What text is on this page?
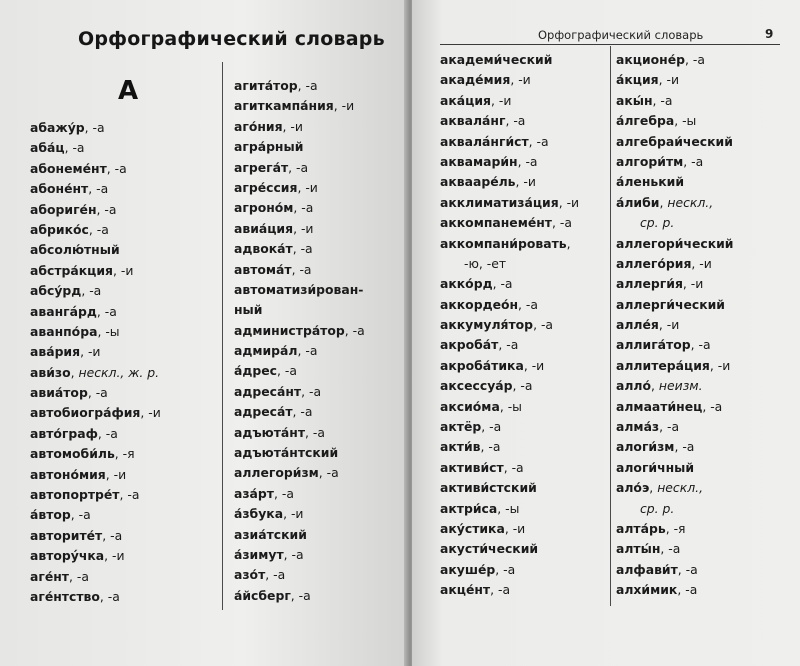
Орфографический словарь
А
абажу́р, -а
аба́ц, -а
абонеме́нт, -а
абоне́нт, -а
абориге́н, -а
абрико́с, -а
абсолю́тный
абстра́кция, -и
абсу́рд, -а
авангáрд, -а
аванпо́ра, -ы
ава́рия, -и
ави́зо, нескл., ж. р.
авиа́тор, -а
автобиогра́фия, -и
авто́граф, -а
автомоби́ль, -я
автоно́мия, -и
автопортре́т, -а
а́втор, -а
авторите́т, -а
авторýчка, -и
аге́нт, -а
аге́нтство, -а
агита́тор, -а
агиткампа́ния, -и
аго́ния, -и
агра́рный
агрега́т, -а
агре́ссия, -и
агроно́м, -а
авиа́ция, -и
адвока́т, -а
автома́т, -а
автоматизи́рован-
ный
администра́тор, -а
адмира́л, -а
а́дрес, -а
адреса́нт, -а
адреса́т, -а
адъюта́нт, -а
адъюта́нтский
аллегори́зм, -а
аза́рт, -а
а́збука, -и
азиа́тский
а́зимут, -а
азо́т, -а
а́йсберг, -а
Орфографический словарь	9
академи́ческий
акаде́мия, -и
ака́ция, -и
аквала́нг, -а
аквалáнги́ст, -а
аквамари́н, -а
аквааре́ль, -и
акклиматиза́ция, -и
аккомпанеме́нт, -а
аккомпани́ровать,
-ю, -ет
акко́рд, -а
аккордео́н, -а
аккумуля́тор, -а
акроба́т, -а
акроба́тика, -и
аксессуа́р, -а
аксио́ма, -ы
актёр, -а
акти́в, -а
активи́ст, -а
активи́стский
актри́са, -ы
аку́стика, -и
акусти́ческий
акуше́р, -а
акце́нт, -а
акционе́р, -а
а́кция, -и
акы́н, -а
а́лгебра, -ы
алгебраи́ческий
алгори́тм, -а
а́ленький
а́либи, нескл.,
ср. р.
аллегори́ческий
аллего́рия, -и
аллерги́я, -и
аллерги́ческий
алле́я, -и
аллига́тор, -а
аллитера́ция, -и
алло́, неизм.
алмаати́нец, -а
алма́з, -а
алоги́зм, -а
алоги́чный
ало́э, нескл.,
ср. р.
алта́рь, -я
алты́н, -а
алфави́т, -а
алхи́мик, -а
